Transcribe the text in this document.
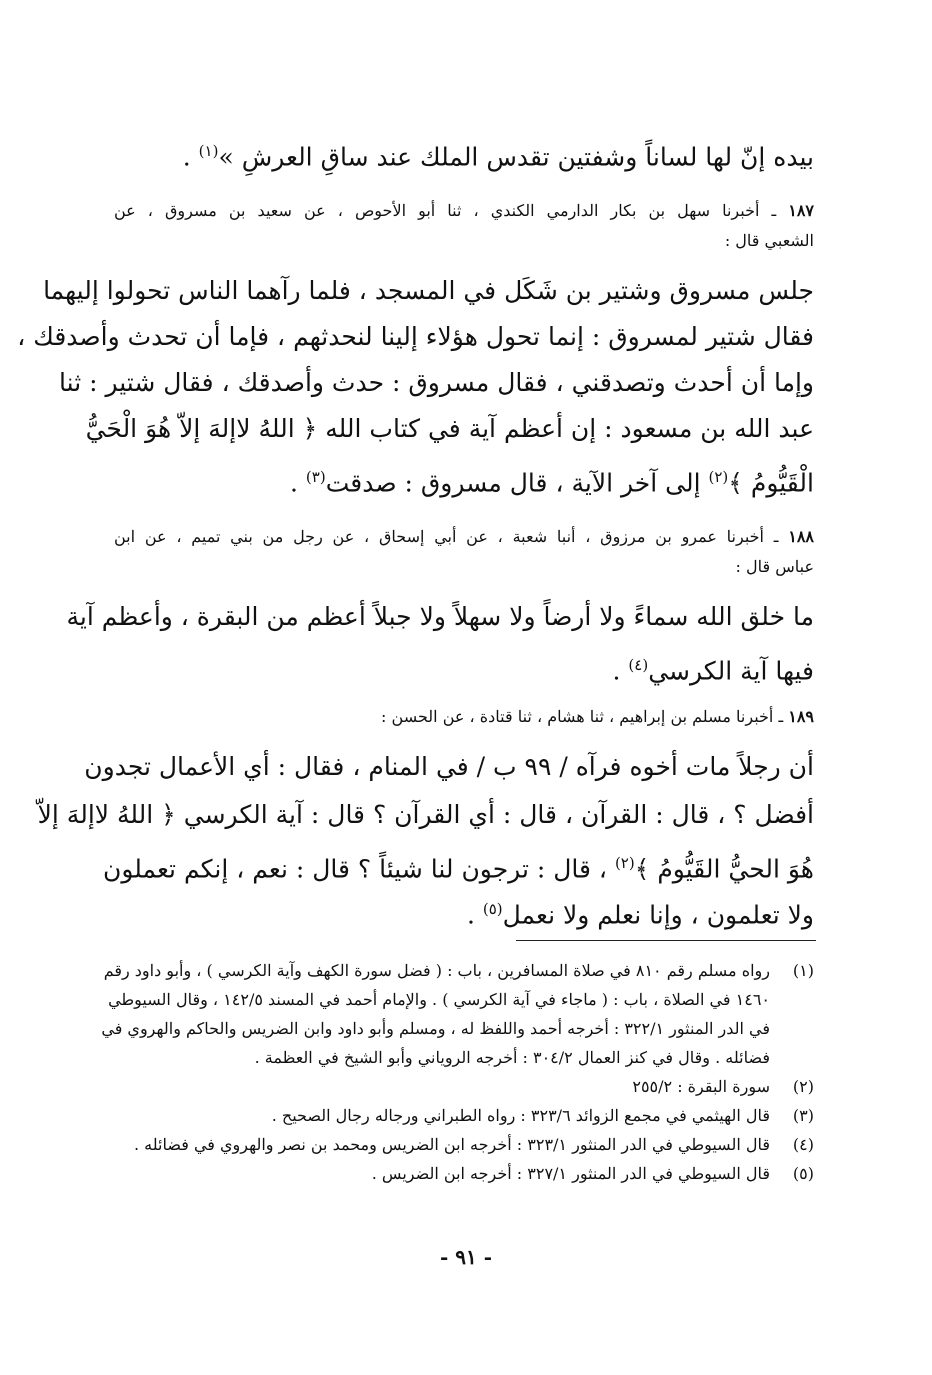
بيده إنّ لها لساناً وشفتين تقدس الملك عند ساقِ العرشِ »$^{(١)}$ .
١٨٧ ـ أخبرنا سهل بن بكار الدارمي الكندي ، ثنا أبو الأحوص ، عن سعيد بن مسروق ، عن
الشعبي قال :
جلس مسروق وشتير بن شَكَل في المسجد ، فلما رآهما الناس تحولوا إليهما
فقال شتير لمسروق : إنما تحول هؤلاء إلينا لنحدثهم ، فإما أن تحدث وأصدقك ،
وإما أن أحدث وتصدقني ، فقال مسروق : حدث وأصدقك ، فقال شتير : ثنا
عبد الله بن مسعود : إن أعظم آية في كتاب الله ﴿ اللهُ لاإلهَ إلاّ هُوَ الْحَيُّ
الْقَيُّومُ ﴾$^{(٢)}$ إلى آخر الآية ، قال مسروق : صدقت$^{(٣)}$ .
١٨٨ ـ أخبرنا عمرو بن مرزوق ، أنبا شعبة ، عن أبي إسحاق ، عن رجل من بني تميم ، عن ابن
عباس قال :
ما خلق الله سماءً ولا أرضاً ولا سهلاً ولا جبلاً أعظم من البقرة ، وأعظم آية
فيها آية الكرسي$^{(٤)}$ .
١٨٩ ـ أخبرنا مسلم بن إبراهيم ، ثنا هشام ، ثنا قتادة ، عن الحسن :
أن رجلاً مات أخوه فرآه / ٩٩ ب / في المنام ، فقال : أي الأعمال تجدون
أفضل ؟ ، قال : القرآن ، قال : أي القرآن ؟ قال : آية الكرسي ﴿ اللهُ لاإلهَ إلاّ
هُوَ الحيُّ القَيُّومُ ﴾$^{(٢)}$ ، قال : ترجون لنا شيئاً ؟ قال : نعم ، إنكم تعملون
ولا تعلمون ، وإنا نعلم ولا نعمل$^{(٥)}$ .
(١)
رواه مسلم رقم ٨١٠ في صلاة المسافرين ، باب : ( فضل سورة الكهف وآية الكرسي ) ، وأبو داود رقم
١٤٦٠ في الصلاة ، باب : ( ماجاء في آية الكرسي ) . والإمام أحمد في المسند ١٤٢/٥ ، وقال السيوطي
في الدر المنثور ٣٢٢/١ : أخرجه أحمد واللفظ له ، ومسلم وأبو داود وابن الضريس والحاكم والهروي في
فضائله . وقال في كنز العمال ٣٠٤/٢ : أخرجه الروياني وأبو الشيخ في العظمة .
(٢)
سورة البقرة : ٢٥٥/٢
(٣)
قال الهيثمي في مجمع الزوائد ٣٢٣/٦ : رواه الطبراني ورجاله رجال الصحيح .
(٤)
قال السيوطي في الدر المنثور ٣٢٣/١ : أخرجه ابن الضريس ومحمد بن نصر والهروي في فضائله .
(٥)
قال السيوطي في الدر المنثور ٣٢٧/١ : أخرجه ابن الضريس .
- ٩١ -
